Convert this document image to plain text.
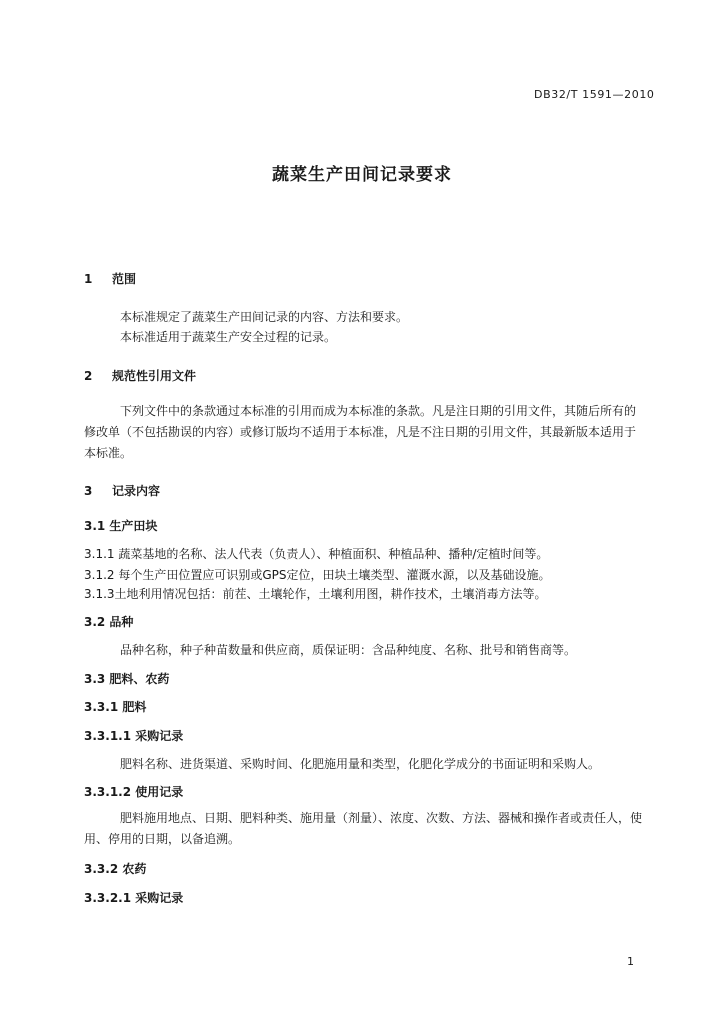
DB32/T 1591—2010
蔬菜生产田间记录要求
1 范围
本标准规定了蔬菜生产田间记录的内容、方法和要求。
本标准适用于蔬菜生产安全过程的记录。
2 规范性引用文件
下列文件中的条款通过本标准的引用而成为本标准的条款。凡是注日期的引用文件，其随后所有的修改单（不包括勘误的内容）或修订版均不适用于本标准，凡是不注日期的引用文件，其最新版本适用于本标准。
3 记录内容
3.1 生产田块
3.1.1 蔬菜基地的名称、法人代表（负责人）、种植面积、种植品种、播种/定植时间等。
3.1.2 每个生产田位置应可识别或GPS定位，田块土壤类型、灌溉水源，以及基础设施。
3.1.3土地利用情况包括：前茬、土壤轮作，土壤利用图，耕作技术，土壤消毒方法等。
3.2 品种
品种名称，种子种苗数量和供应商，质保证明：含品种纯度、名称、批号和销售商等。
3.3 肥料、农药
3.3.1 肥料
3.3.1.1 采购记录
肥料名称、进货渠道、采购时间、化肥施用量和类型，化肥化学成分的书面证明和采购人。
3.3.1.2 使用记录
肥料施用地点、日期、肥料种类、施用量（剂量）、浓度、次数、方法、器械和操作者或责任人，使用、停用的日期，以备追溯。
3.3.2 农药
3.3.2.1 采购记录
1
